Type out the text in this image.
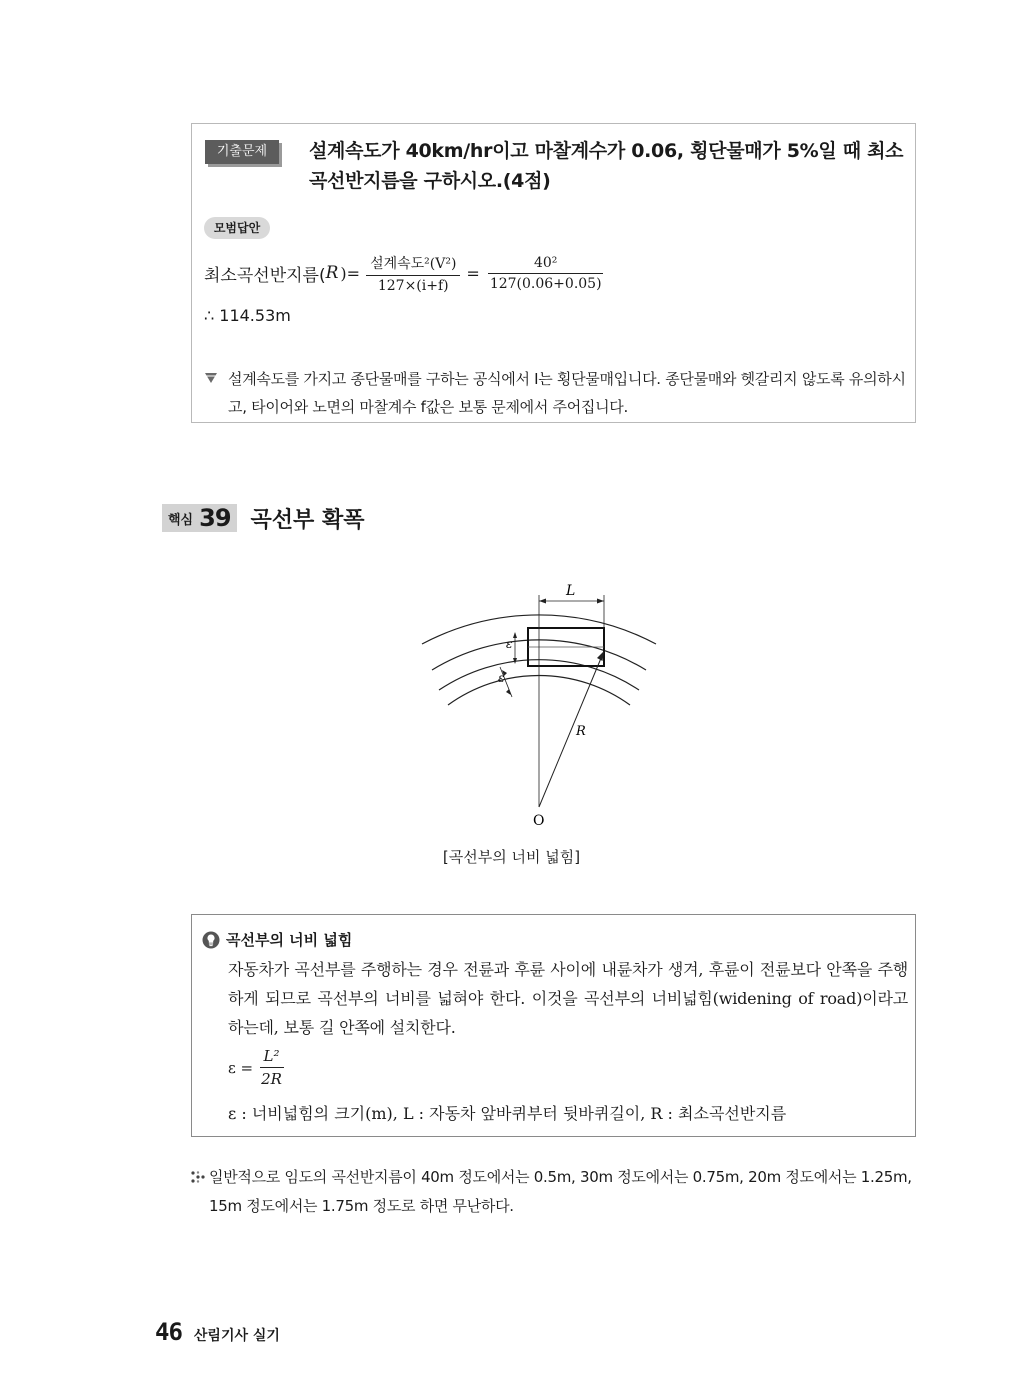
기출문제	설계속도가 40km/hr이고 마찰계수가 0.06, 횡단물매가 5%일 때 최소곡선반지름을 구하시오.(4점)
모범답안
최소곡선반지름( R )= $\frac{\text{설계속도²(V²)}}{127\times(i+f)} = \frac{\text{40²}}{127(0.06+0.05)}$
∴ 114.53m
설계속도를 가지고 종단물매를 구하는 공식에서 I는 횡단물매입니다. 종단물매와 헷갈리지 않도록 유의하시고, 타이어와 노면의 마찰계수 f값은 보통 문제에서 주어집니다.
핵심 39 곡선부 확폭
L
R
O
ε
ε
[곡선부의 너비 넓힘]
곡선부의 너비 넓힘
자동차가 곡선부를 주행하는 경우 전륜과 후륜 사이에 내륜차가 생겨, 후륜이 전륜보다 안쪽을 주행하게 되므로 곡선부의 너비를 넓혀야 한다. 이것을 곡선부의 너비넓힘(widening of road)이라고 하는데, 보통 길 안쪽에 설치한다.
$\varepsilon = \frac{\text{L²}}{2R}$
ε : 너비넓힘의 크기(m), L : 자동차 앞바퀴부터 뒷바퀴길이, R : 최소곡선반지름
일반적으로 임도의 곡선반지름이 40m 정도에서는 0.5m, 30m 정도에서는 0.75m, 20m 정도에서는 1.25m, 15m 정도에서는 1.75m 정도로 하면 무난하다.
46 산림기사 실기
